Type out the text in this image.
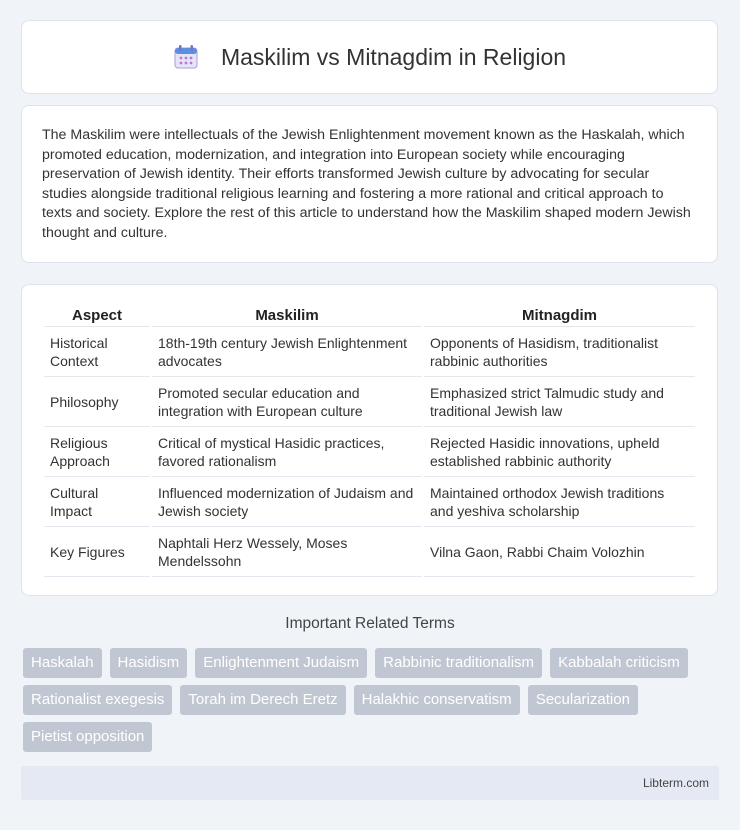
Maskilim vs Mitnagdim in Religion

The Maskilim were intellectuals of the Jewish Enlightenment movement known as the Haskalah, which promoted education, modernization, and integration into European society while encouraging preservation of Jewish identity. Their efforts transformed Jewish culture by advocating for secular studies alongside traditional religious learning and fostering a more rational and critical approach to texts and society. Explore the rest of this article to understand how the Maskilim shaped modern Jewish thought and culture.

Aspect	Maskilim	Mitnagdim
Historical Context	18th-19th century Jewish Enlightenment advocates	Opponents of Hasidism, traditionalist rabbinic authorities
Philosophy	Promoted secular education and integration with European culture	Emphasized strict Talmudic study and traditional Jewish law
Religious Approach	Critical of mystical Hasidic practices, favored rationalism	Rejected Hasidic innovations, upheld established rabbinic authority
Cultural Impact	Influenced modernization of Judaism and Jewish society	Maintained orthodox Jewish traditions and yeshiva scholarship
Key Figures	Naphtali Herz Wessely, Moses Mendelssohn	Vilna Gaon, Rabbi Chaim Volozhin
Important Related Terms
Haskalah	Hasidism	Enlightenment Judaism	Rabbinic traditionalism	Kabbalah criticism
Rationalist exegesis	Torah im Derech Eretz	Halakhic conservatism	Secularization
Pietist opposition
Libterm.com
